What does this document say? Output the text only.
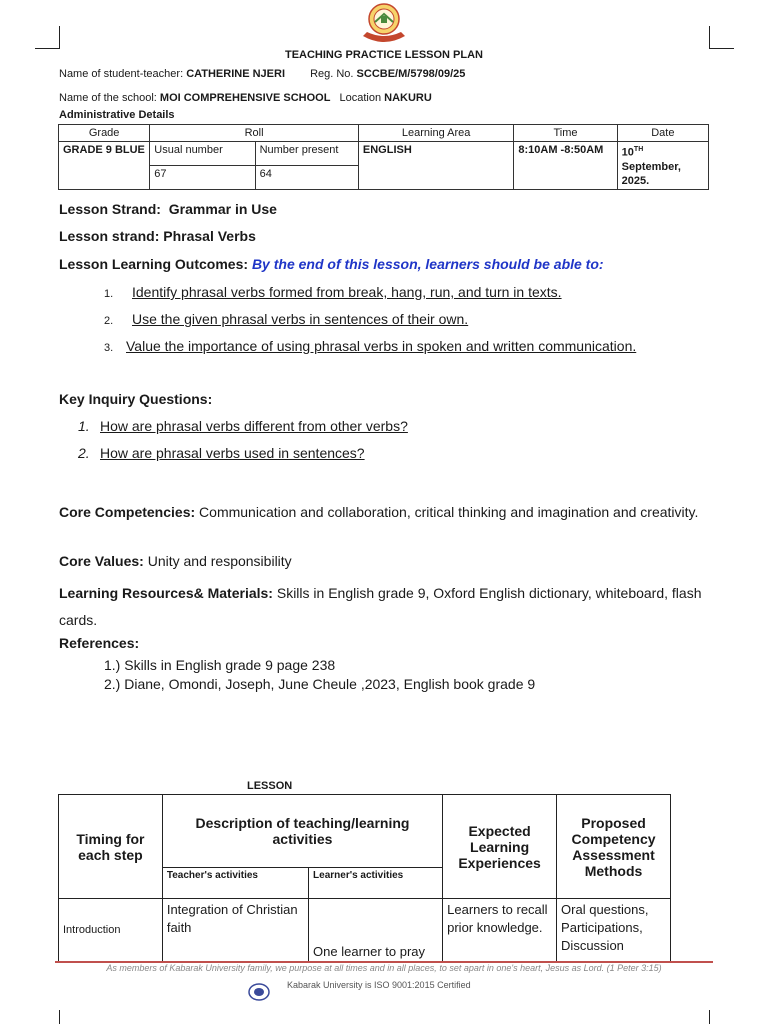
TEACHING PRACTICE LESSON PLAN
Name of student-teacher: CATHERINE NJERI Reg. No. SCCBE/M/5798/09/25
Name of the school: MOI COMPREHENSIVE SCHOOL Location NAKURU
Administrative Details
Grade	Roll		Learning Area	Time	Date
GRADE 9 BLUE	Usual number	Number present	ENGLISH	8:10AM -8:50AM	10TH September, 2025.
	67	64			
Lesson Strand: Grammar in Use
Lesson strand: Phrasal Verbs
Lesson Learning Outcomes: By the end of this lesson, learners should be able to:
1. Identify phrasal verbs formed from break, hang, run, and turn in texts.
2. Use the given phrasal verbs in sentences of their own.
3. Value the importance of using phrasal verbs in spoken and written communication.
Key Inquiry Questions:
1. How are phrasal verbs different from other verbs?
2. How are phrasal verbs used in sentences?
Core Competencies: Communication and collaboration, critical thinking and imagination and creativity.
Core Values: Unity and responsibility
Learning Resources& Materials: Skills in English grade 9, Oxford English dictionary, whiteboard, flash cards.
References:
1.) Skills in English grade 9 page 238
2.) Diane, Omondi, Joseph, June Cheule ,2023, English book grade 9
LESSON
Timing for each step	Description of teaching/learning activities		Expected Learning Experiences	Proposed Competency Assessment Methods
	Teacher's activities	Learner's activities		
Introduction	Integration of Christian faith	One learner to pray	Learners to recall prior knowledge.	Oral questions, Participations, Discussion
As members of Kabarak University family, we purpose at all times and in all places, to set apart in one's heart, Jesus as Lord. (1 Peter 3:15)
Kabarak University is ISO 9001:2015 Certified
